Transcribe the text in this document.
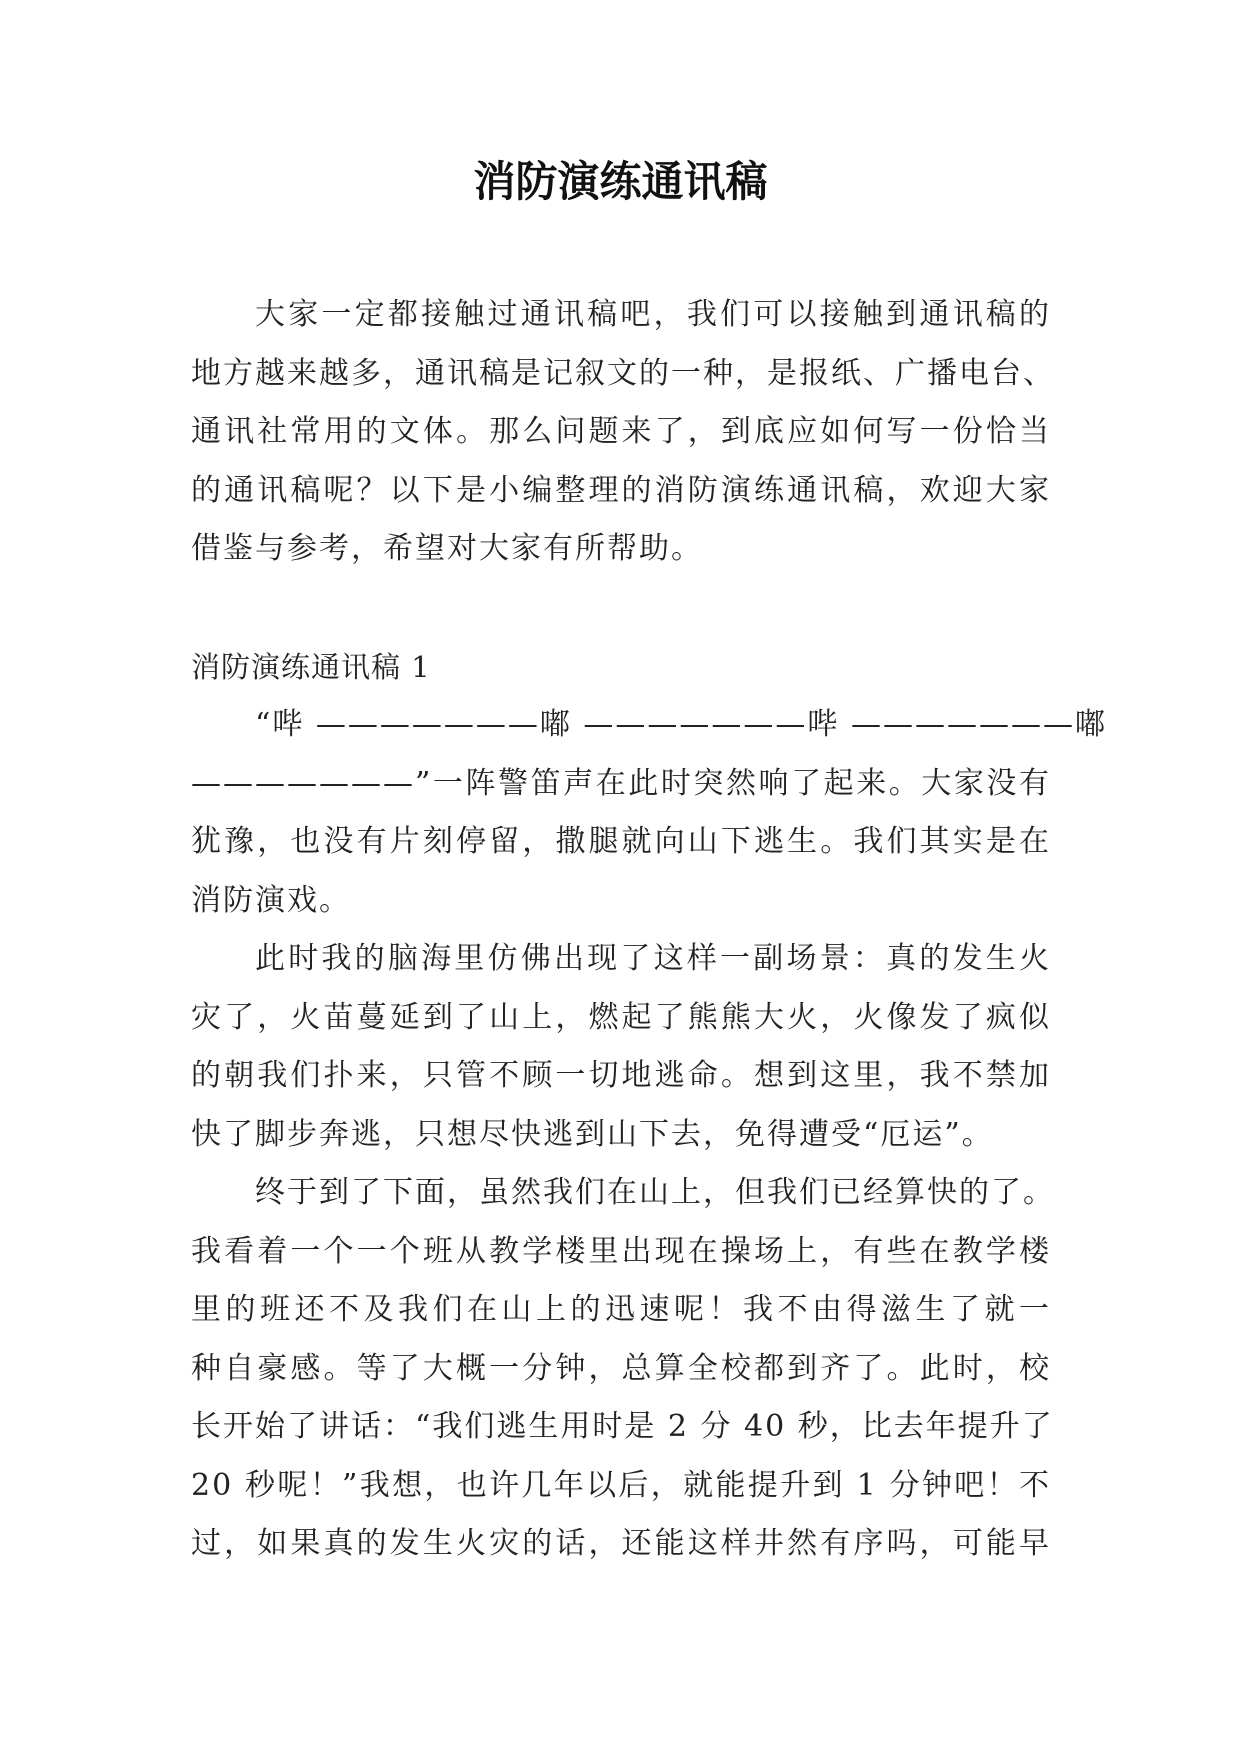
消防演练通讯稿

大家一定都接触过通讯稿吧，我们可以接触到通讯稿的
地方越来越多，通讯稿是记叙文的一种，是报纸、广播电台、
通讯社常用的文体。那么问题来了，到底应如何写一份恰当
的通讯稿呢？以下是小编整理的消防演练通讯稿，欢迎大家
借鉴与参考，希望对大家有所帮助。

消防演练通讯稿 1

“哔 ———————嘟 ———————哔 ———————嘟
———————”一阵警笛声在此时突然响了起来。大家没有
犹豫，也没有片刻停留，撒腿就向山下逃生。我们其实是在
消防演戏。

此时我的脑海里仿佛出现了这样一副场景：真的发生火
灾了，火苗蔓延到了山上，燃起了熊熊大火，火像发了疯似
的朝我们扑来，只管不顾一切地逃命。想到这里，我不禁加
快了脚步奔逃，只想尽快逃到山下去，免得遭受“厄运”。

终于到了下面，虽然我们在山上，但我们已经算快的了。
我看着一个一个班从教学楼里出现在操场上，有些在教学楼
里的班还不及我们在山上的迅速呢！我不由得滋生了就一
种自豪感。等了大概一分钟，总算全校都到齐了。此时，校
长开始了讲话：“我们逃生用时是 2 分 40 秒，比去年提升了
20 秒呢！”我想，也许几年以后，就能提升到 1 分钟吧！不
过，如果真的发生火灾的话，还能这样井然有序吗，可能早
